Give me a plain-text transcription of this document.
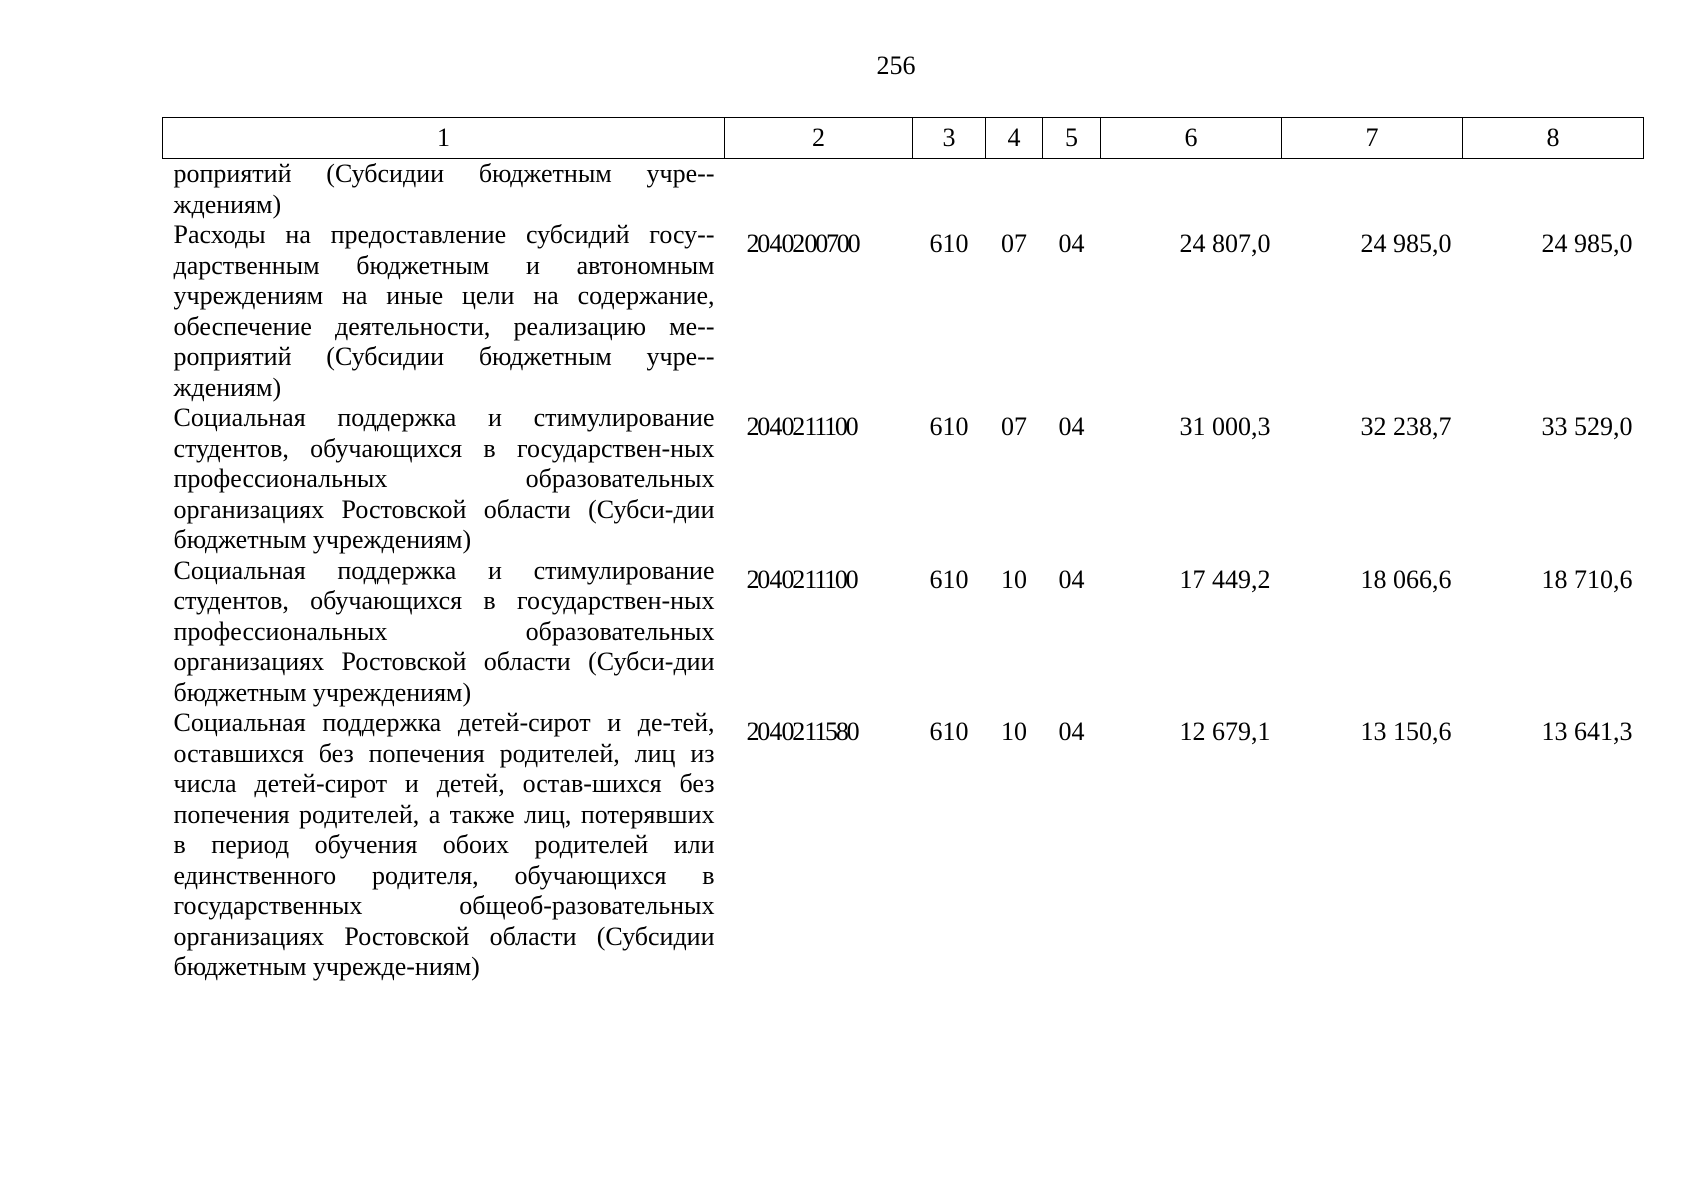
256
1	2	3	4	5	6	7	8
роприятий (Субсидии бюджетным учре-ждениям)							
Расходы на предоставление субсидий госу-дарственным бюджетным и автономным учреждениям на иные цели на содержание, обеспечение деятельности, реализацию ме-роприятий (Субсидии бюджетным учре-ждениям)	20 4 02 00700	610	07	04	24 807,0	24 985,0	24 985,0
Социальная поддержка и стимулирование студентов, обучающихся в государствен-ных профессиональных образовательных организациях Ростовской области (Субси-дии бюджетным учреждениям)	20 4 02 11100	610	07	04	31 000,3	32 238,7	33 529,0
Социальная поддержка и стимулирование студентов, обучающихся в государствен-ных профессиональных образовательных организациях Ростовской области (Субси-дии бюджетным учреждениям)	20 4 02 11100	610	10	04	17 449,2	18 066,6	18 710,6
Социальная поддержка детей-сирот и де-тей, оставшихся без попечения родителей, лиц из числа детей-сирот и детей, остав-шихся без попечения родителей, а также лиц, потерявших в период обучения обоих родителей или единственного родителя, обучающихся в государственных общеоб-разовательных организациях Ростовской области (Субсидии бюджетным учрежде-ниям)	20 4 02 11580	610	10	04	12 679,1	13 150,6	13 641,3
